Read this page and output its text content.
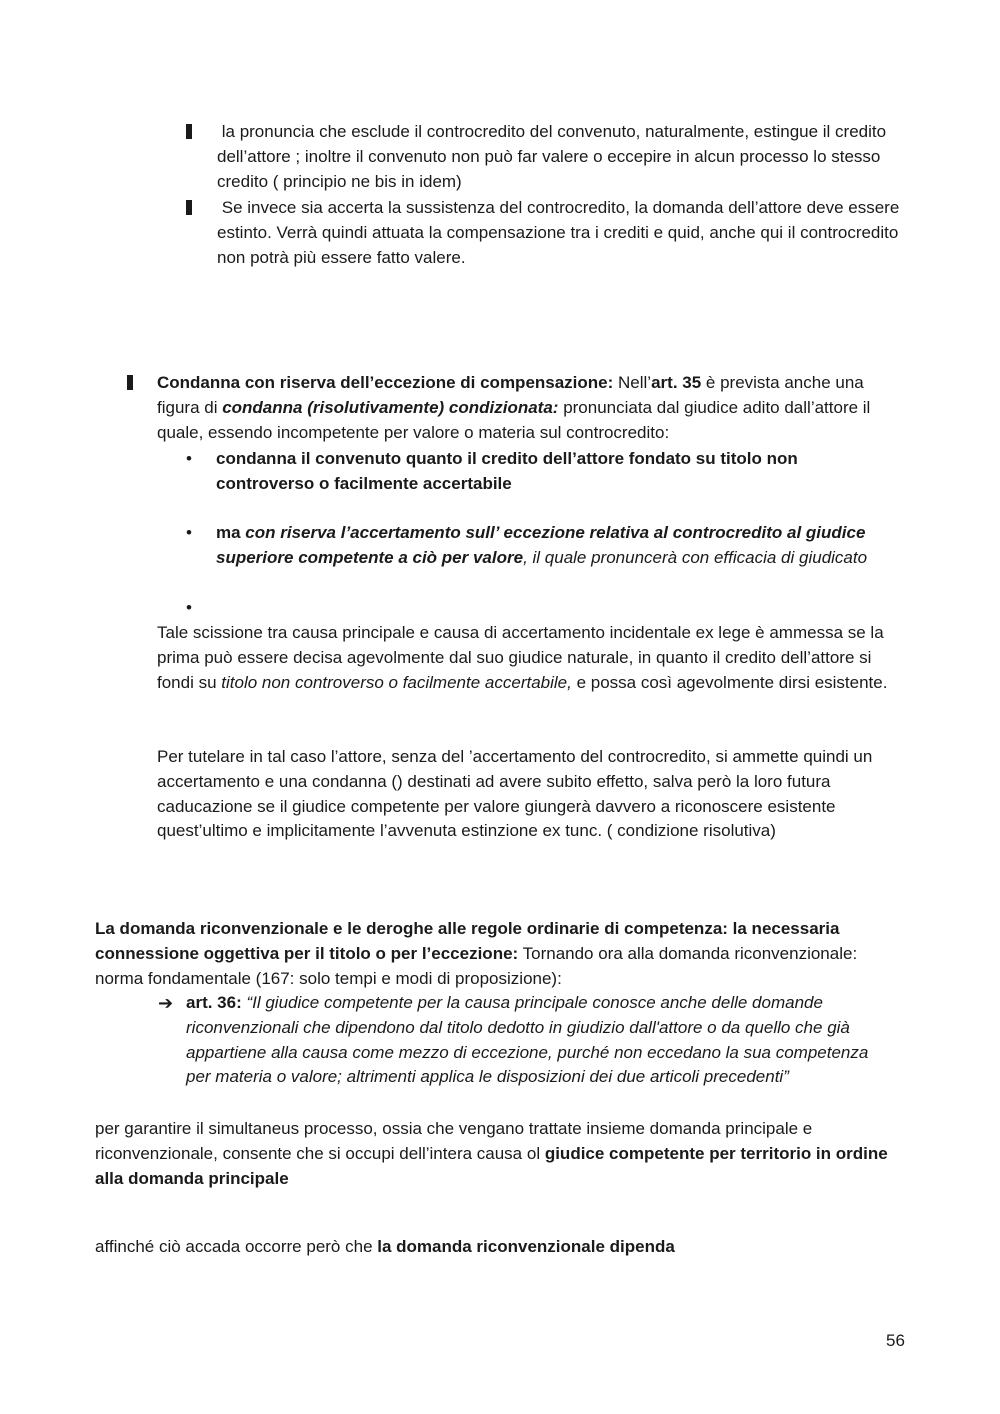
la pronuncia che esclude il controcredito del convenuto, naturalmente, estingue il credito dell’attore ; inoltre il convenuto non può far valere o eccepire in alcun processo lo stesso credito ( principio ne bis in idem)

Se invece sia accerta la sussistenza del controcredito, la domanda dell’attore deve essere estinto. Verrà quindi attuata la compensazione tra i crediti e quid, anche qui il controcredito non potrà più essere fatto valere.

Condanna con riserva dell’eccezione di compensazione: Nell’art. 35 è prevista anche una figura di condanna (risolutivamente) condizionata: pronunciata dal giudice adito dall’attore il quale, essendo incompetente per valore o materia sul controcredito:

• condanna il convenuto quanto il credito dell’attore fondato su titolo non controverso o facilmente accertabile

• ma con riserva l’accertamento sull’ eccezione relativa al controcredito al giudice superiore competente a ciò per valore, il quale pronuncerà con efficacia di giudicato

•

Tale scissione tra causa principale e causa di accertamento incidentale ex lege è ammessa se la prima può essere decisa agevolmente dal suo giudice naturale, in quanto il credito dell’attore si fondi su titolo non controverso o facilmente accertabile, e possa così agevolmente dirsi esistente.

Per tutelare in tal caso l’attore, senza del ’accertamento del controcredito, si ammette quindi un accertamento e una condanna () destinati ad avere subito effetto, salva però la loro futura caducazione se il giudice competente per valore giungerà davvero a riconoscere esistente quest’ultimo e implicitamente l’avvenuta estinzione ex tunc. ( condizione risolutiva)

La domanda riconvenzionale e le deroghe alle regole ordinarie di competenza: la necessaria connessione oggettiva per il titolo o per l’eccezione: Tornando ora alla domanda riconvenzionale: norma fondamentale (167: solo tempi e modi di proposizione):

➔ art. 36: “Il giudice competente per la causa principale conosce anche delle domande riconvenzionali che dipendono dal titolo dedotto in giudizio dall'attore o da quello che già appartiene alla causa come mezzo di eccezione, purché non eccedano la sua competenza per materia o valore; altrimenti applica le disposizioni dei due articoli precedenti”

per garantire il simultaneus processo, ossia che vengano trattate insieme domanda principale e riconvenzionale, consente che si occupi dell’intera causa ol giudice competente per territorio in ordine alla domanda principale

affinché ciò accada occorre però che la domanda riconvenzionale dipenda

56
